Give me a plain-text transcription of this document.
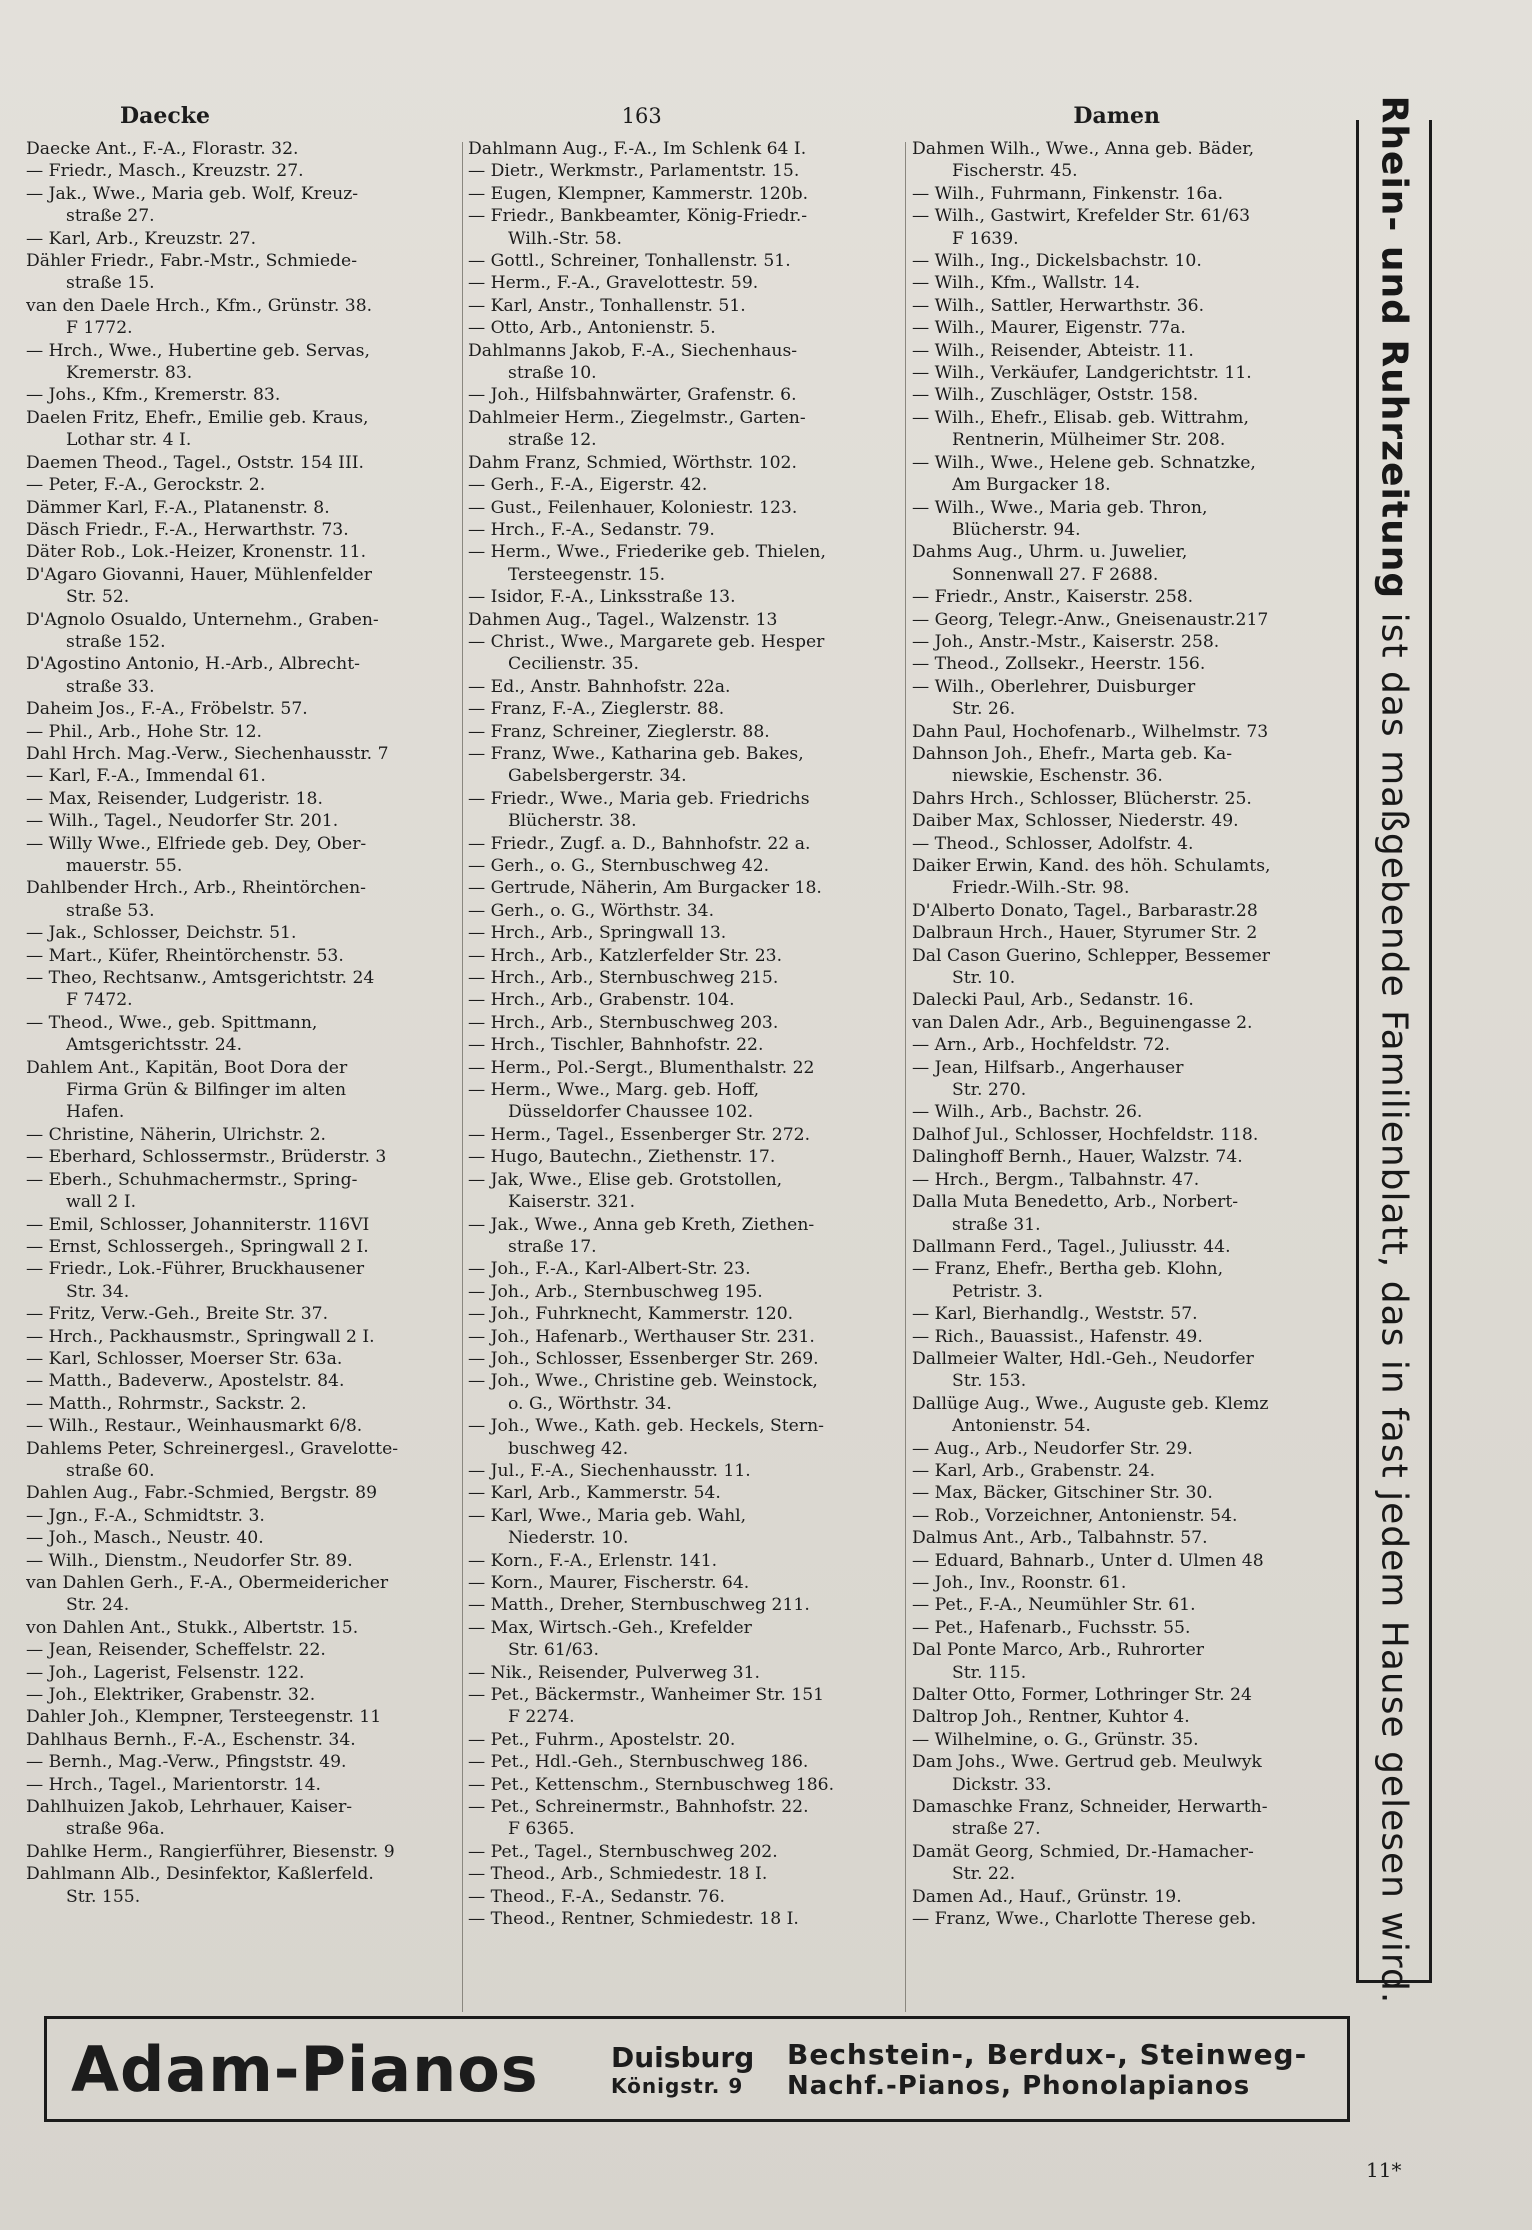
Daecke	163	Damen
Daecke Ant., F.-A., Florastr. 32.
— Friedr., Masch., Kreuzstr. 27.
— Jak., Wwe., Maria geb. Wolf, Kreuz-
straße 27.
— Karl, Arb., Kreuzstr. 27.
Dähler Friedr., Fabr.-Mstr., Schmiede-
straße 15.
van den Daele Hrch., Kfm., Grünstr. 38.
F 1772.
— Hrch., Wwe., Hubertine geb. Servas,
Kremerstr. 83.
— Johs., Kfm., Kremerstr. 83.
Daelen Fritz, Ehefr., Emilie geb. Kraus,
Lothar str. 4 I.
Daemen Theod., Tagel., Oststr. 154 III.
— Peter, F.-A., Gerockstr. 2.
Dämmer Karl, F.-A., Platanenstr. 8.
Däsch Friedr., F.-A., Herwarthstr. 73.
Däter Rob., Lok.-Heizer, Kronenstr. 11.
D'Agaro Giovanni, Hauer, Mühlenfelder
Str. 52.
D'Agnolo Osualdo, Unternehm., Graben-
straße 152.
D'Agostino Antonio, H.-Arb., Albrecht-
straße 33.
Daheim Jos., F.-A., Fröbelstr. 57.
— Phil., Arb., Hohe Str. 12.
Dahl Hrch. Mag.-Verw., Siechenhausstr. 7
— Karl, F.-A., Immendal 61.
— Max, Reisender, Ludgeristr. 18.
— Wilh., Tagel., Neudorfer Str. 201.
— Willy Wwe., Elfriede geb. Dey, Ober-
mauerstr. 55.
Dahlbender Hrch., Arb., Rheintörchen-
straße 53.
— Jak., Schlosser, Deichstr. 51.
— Mart., Küfer, Rheintörchenstr. 53.
— Theo, Rechtsanw., Amtsgerichtstr. 24
F 7472.
— Theod., Wwe., geb. Spittmann,
Amtsgerichtsstr. 24.
Dahlem Ant., Kapitän, Boot Dora der
Firma Grün & Bilfinger im alten
Hafen.
— Christine, Näherin, Ulrichstr. 2.
— Eberhard, Schlossermstr., Brüderstr. 3
— Eberh., Schuhmachermstr., Spring-
wall 2 I.
— Emil, Schlosser, Johanniterstr. 116VI
— Ernst, Schlossergeh., Springwall 2 I.
— Friedr., Lok.-Führer, Bruckhausener
Str. 34.
— Fritz, Verw.-Geh., Breite Str. 37.
— Hrch., Packhausmstr., Springwall 2 I.
— Karl, Schlosser, Moerser Str. 63a.
— Matth., Badeverw., Apostelstr. 84.
— Matth., Rohrmstr., Sackstr. 2.
— Wilh., Restaur., Weinhausmarkt 6/8.
Dahlems Peter, Schreinergesl., Gravelotte-
straße 60.
Dahlen Aug., Fabr.-Schmied, Bergstr. 89
— Jgn., F.-A., Schmidtstr. 3.
— Joh., Masch., Neustr. 40.
— Wilh., Dienstm., Neudorfer Str. 89.
van Dahlen Gerh., F.-A., Obermeidericher
Str. 24.
von Dahlen Ant., Stukk., Albertstr. 15.
— Jean, Reisender, Scheffelstr. 22.
— Joh., Lagerist, Felsenstr. 122.
— Joh., Elektriker, Grabenstr. 32.
Dahler Joh., Klempner, Tersteegenstr. 11
Dahlhaus Bernh., F.-A., Eschenstr. 34.
— Bernh., Mag.-Verw., Pfingststr. 49.
— Hrch., Tagel., Marientorstr. 14.
Dahlhuizen Jakob, Lehrhauer, Kaiser-
straße 96a.
Dahlke Herm., Rangierführer, Biesenstr. 9
Dahlmann Alb., Desinfektor, Kaßlerfeld.
Str. 155.
Dahlmann Aug., F.-A., Im Schlenk 64 I.
— Dietr., Werkmstr., Parlamentstr. 15.
— Eugen, Klempner, Kammerstr. 120b.
— Friedr., Bankbeamter, König-Friedr.-
Wilh.-Str. 58.
— Gottl., Schreiner, Tonhallenstr. 51.
— Herm., F.-A., Gravelottestr. 59.
— Karl, Anstr., Tonhallenstr. 51.
— Otto, Arb., Antonienstr. 5.
Dahlmanns Jakob, F.-A., Siechenhaus-
straße 10.
— Joh., Hilfsbahnwärter, Grafenstr. 6.
Dahlmeier Herm., Ziegelmstr., Garten-
straße 12.
Dahm Franz, Schmied, Wörthstr. 102.
— Gerh., F.-A., Eigerstr. 42.
— Gust., Feilenhauer, Koloniestr. 123.
— Hrch., F.-A., Sedanstr. 79.
— Herm., Wwe., Friederike geb. Thielen,
Tersteegenstr. 15.
— Isidor, F.-A., Linksstraße 13.
Dahmen Aug., Tagel., Walzenstr. 13
— Christ., Wwe., Margarete geb. Hesper
Cecilienstr. 35.
— Ed., Anstr. Bahnhofstr. 22a.
— Franz, F.-A., Zieglerstr. 88.
— Franz, Schreiner, Zieglerstr. 88.
— Franz, Wwe., Katharina geb. Bakes,
Gabelsbergerstr. 34.
— Friedr., Wwe., Maria geb. Friedrichs
Blücherstr. 38.
— Friedr., Zugf. a. D., Bahnhofstr. 22 a.
— Gerh., o. G., Sternbuschweg 42.
— Gertrude, Näherin, Am Burgacker 18.
— Gerh., o. G., Wörthstr. 34.
— Hrch., Arb., Springwall 13.
— Hrch., Arb., Katzlerfelder Str. 23.
— Hrch., Arb., Sternbuschweg 215.
— Hrch., Arb., Grabenstr. 104.
— Hrch., Arb., Sternbuschweg 203.
— Hrch., Tischler, Bahnhofstr. 22.
— Herm., Pol.-Sergt., Blumenthalstr. 22
— Herm., Wwe., Marg. geb. Hoff,
Düsseldorfer Chaussee 102.
— Herm., Tagel., Essenberger Str. 272.
— Hugo, Bautechn., Ziethenstr. 17.
— Jak, Wwe., Elise geb. Grotstollen,
Kaiserstr. 321.
— Jak., Wwe., Anna geb Kreth, Ziethen-
straße 17.
— Joh., F.-A., Karl-Albert-Str. 23.
— Joh., Arb., Sternbuschweg 195.
— Joh., Fuhrknecht, Kammerstr. 120.
— Joh., Hafenarb., Werthauser Str. 231.
— Joh., Schlosser, Essenberger Str. 269.
— Joh., Wwe., Christine geb. Weinstock,
o. G., Wörthstr. 34.
— Joh., Wwe., Kath. geb. Heckels, Stern-
buschweg 42.
— Jul., F.-A., Siechenhausstr. 11.
— Karl, Arb., Kammerstr. 54.
— Karl, Wwe., Maria geb. Wahl,
Niederstr. 10.
— Korn., F.-A., Erlenstr. 141.
— Korn., Maurer, Fischerstr. 64.
— Matth., Dreher, Sternbuschweg 211.
— Max, Wirtsch.-Geh., Krefelder
Str. 61/63.
— Nik., Reisender, Pulverweg 31.
— Pet., Bäckermstr., Wanheimer Str. 151
F 2274.
— Pet., Fuhrm., Apostelstr. 20.
— Pet., Hdl.-Geh., Sternbuschweg 186.
— Pet., Kettenschm., Sternbuschweg 186.
— Pet., Schreinermstr., Bahnhofstr. 22.
F 6365.
— Pet., Tagel., Sternbuschweg 202.
— Theod., Arb., Schmiedestr. 18 I.
— Theod., F.-A., Sedanstr. 76.
— Theod., Rentner, Schmiedestr. 18 I.
Dahmen Wilh., Wwe., Anna geb. Bäder,
Fischerstr. 45.
— Wilh., Fuhrmann, Finkenstr. 16a.
— Wilh., Gastwirt, Krefelder Str. 61/63
F 1639.
— Wilh., Ing., Dickelsbachstr. 10.
— Wilh., Kfm., Wallstr. 14.
— Wilh., Sattler, Herwarthstr. 36.
— Wilh., Maurer, Eigenstr. 77a.
— Wilh., Reisender, Abteistr. 11.
— Wilh., Verkäufer, Landgerichtstr. 11.
— Wilh., Zuschläger, Oststr. 158.
— Wilh., Ehefr., Elisab. geb. Wittrahm,
Rentnerin, Mülheimer Str. 208.
— Wilh., Wwe., Helene geb. Schnatzke,
Am Burgacker 18.
— Wilh., Wwe., Maria geb. Thron,
Blücherstr. 94.
Dahms Aug., Uhrm. u. Juwelier,
Sonnenwall 27. F 2688.
— Friedr., Anstr., Kaiserstr. 258.
— Georg, Telegr.-Anw., Gneisenaustr.217
— Joh., Anstr.-Mstr., Kaiserstr. 258.
— Theod., Zollsekr., Heerstr. 156.
— Wilh., Oberlehrer, Duisburger
Str. 26.
Dahn Paul, Hochofenarb., Wilhelmstr. 73
Dahnson Joh., Ehefr., Marta geb. Ka-
niewskie, Eschenstr. 36.
Dahrs Hrch., Schlosser, Blücherstr. 25.
Daiber Max, Schlosser, Niederstr. 49.
— Theod., Schlosser, Adolfstr. 4.
Daiker Erwin, Kand. des höh. Schulamts,
Friedr.-Wilh.-Str. 98.
D'Alberto Donato, Tagel., Barbarastr.28
Dalbraun Hrch., Hauer, Styrumer Str. 2
Dal Cason Guerino, Schlepper, Bessemer
Str. 10.
Dalecki Paul, Arb., Sedanstr. 16.
van Dalen Adr., Arb., Beguinengasse 2.
— Arn., Arb., Hochfeldstr. 72.
— Jean, Hilfsarb., Angerhauser
Str. 270.
— Wilh., Arb., Bachstr. 26.
Dalhof Jul., Schlosser, Hochfeldstr. 118.
Dalinghoff Bernh., Hauer, Walzstr. 74.
— Hrch., Bergm., Talbahnstr. 47.
Dalla Muta Benedetto, Arb., Norbert-
straße 31.
Dallmann Ferd., Tagel., Juliusstr. 44.
— Franz, Ehefr., Bertha geb. Klohn,
Petristr. 3.
— Karl, Bierhandlg., Weststr. 57.
— Rich., Bauassist., Hafenstr. 49.
Dallmeier Walter, Hdl.-Geh., Neudorfer
Str. 153.
Dallüge Aug., Wwe., Auguste geb. Klemz
Antonienstr. 54.
— Aug., Arb., Neudorfer Str. 29.
— Karl, Arb., Grabenstr. 24.
— Max, Bäcker, Gitschiner Str. 30.
— Rob., Vorzeichner, Antonienstr. 54.
Dalmus Ant., Arb., Talbahnstr. 57.
— Eduard, Bahnarb., Unter d. Ulmen 48
— Joh., Inv., Roonstr. 61.
— Pet., F.-A., Neumühler Str. 61.
— Pet., Hafenarb., Fuchsstr. 55.
Dal Ponte Marco, Arb., Ruhrorter
Str. 115.
Dalter Otto, Former, Lothringer Str. 24
Daltrop Joh., Rentner, Kuhtor 4.
— Wilhelmine, o. G., Grünstr. 35.
Dam Johs., Wwe. Gertrud geb. Meulwyk
Dickstr. 33.
Damaschke Franz, Schneider, Herwarth-
straße 27.
Damät Georg, Schmied, Dr.-Hamacher-
Str. 22.
Damen Ad., Hauf., Grünstr. 19.
— Franz, Wwe., Charlotte Therese geb.
Rhein- und Ruhrzeitung ist das maßgebende Familienblatt, das in fast jedem Hause gelesen wird.
Adam-Pianos	Duisburg
Königstr. 9
Bechstein-, Berdux-, Steinweg-
Nachf.-Pianos, Phonolapianos
11*
